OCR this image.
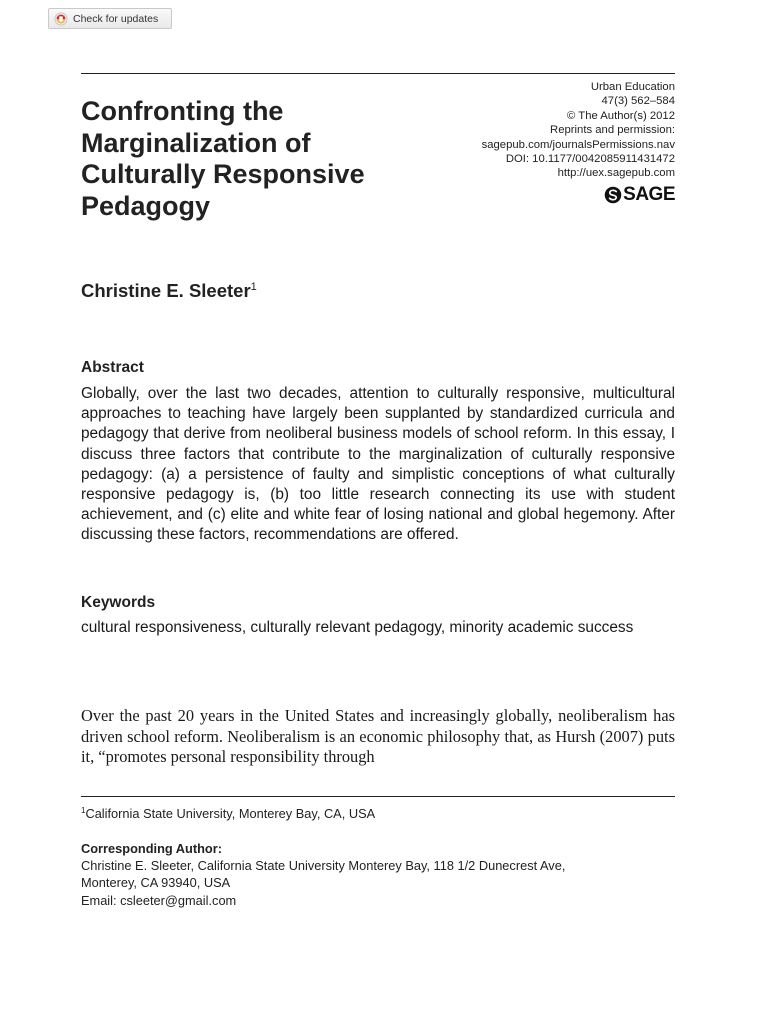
Check for updates
Confronting the
Marginalization of
Culturally Responsive
Pedagogy
Urban Education
47(3) 562–584
© The Author(s) 2012
Reprints and permission:
sagepub.com/journalsPermissions.nav
DOI: 10.1177/0042085911431472
http://uex.sagepub.com
SAGE
Christine E. Sleeter$^1$
Abstract

Globally, over the last two decades, attention to culturally responsive, multicultural approaches to teaching have largely been supplanted by standardized curricula and pedagogy that derive from neoliberal business models of school reform. In this essay, I discuss three factors that contribute to the marginalization of culturally responsive pedagogy: (a) a persistence of faulty and simplistic conceptions of what culturally responsive pedagogy is, (b) too little research connecting its use with student achievement, and (c) elite and white fear of losing national and global hegemony. After discussing these factors, recommendations are offered.

Keywords

cultural responsiveness, culturally relevant pedagogy, minority academic success

Over the past 20 years in the United States and increasingly globally, neoliberalism has driven school reform. Neoliberalism is an economic philosophy that, as Hursh (2007) puts it, “promotes personal responsibility through

$^1$California State University, Monterey Bay, CA, USA
Corresponding Author:
Christine E. Sleeter, California State University Monterey Bay, 118 1/2 Dunecrest Ave,
Monterey, CA 93940, USA
Email: csleeter@gmail.com
